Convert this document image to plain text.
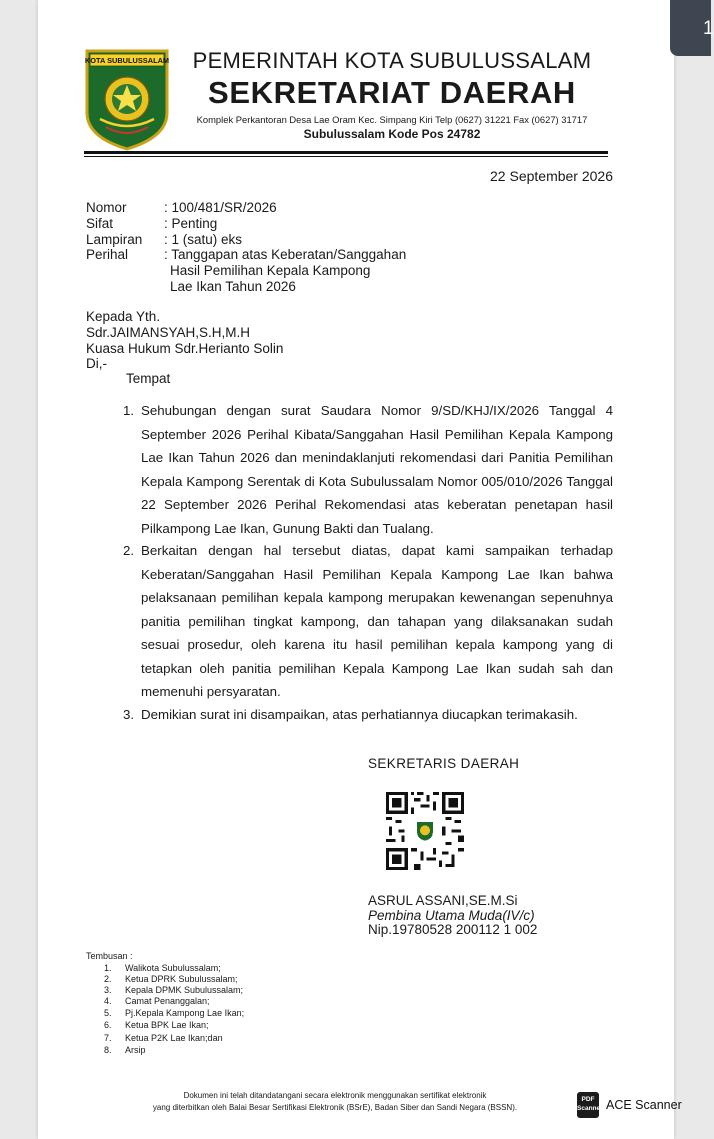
1
KOTA SUBULUSSALAM	PEMERINTAH KOTA SUBULUSSALAM
SEKRETARIAT DAERAH
Komplek Perkantoran Desa Lae Oram Kec. Simpang Kiri Telp (0627) 31221 Fax (0627) 31717
Subulussalam Kode Pos 24782
22 September 2026
Nomor	: 100/481/SR/2026
Sifat	: Penting
Lampiran : 1 (satu) eks
Perihal	: Tanggapan atas Keberatan/Sanggahan
Hasil Pemilihan Kepala Kampong
Lae Ikan Tahun 2026
Kepada Yth.
Sdr.JAIMANSYAH,S.H,M.H
Kuasa Hukum Sdr.Herianto Solin
Di,-
Tempat
1. Sehubungan dengan surat Saudara Nomor 9/SD/KHJ/IX/2026 Tanggal 4 September 2026 Perihal Kibata/Sanggahan Hasil Pemilihan Kepala Kampong Lae Ikan Tahun 2026 dan menindaklanjuti rekomendasi dari Panitia Pemilihan Kepala Kampong Serentak di Kota Subulussalam Nomor 005/010/2026 Tanggal 22 September 2026 Perihal Rekomendasi atas keberatan penetapan hasil Pilkampong Lae Ikan, Gunung Bakti dan Tualang.
2. Berkaitan dengan hal tersebut diatas, dapat kami sampaikan terhadap Keberatan/Sanggahan Hasil Pemilihan Kepala Kampong Lae Ikan bahwa pelaksanaan pemilihan kepala kampong merupakan kewenangan sepenuhnya panitia pemilihan tingkat kampong, dan tahapan yang dilaksanakan sudah sesuai prosedur, oleh karena itu hasil pemilihan kepala kampong yang di tetapkan oleh panitia pemilihan Kepala Kampong Lae Ikan sudah sah dan memenuhi persyaratan.
3. Demikian surat ini disampaikan, atas perhatiannya diucapkan terimakasih.
SEKRETARIS DAERAH
ASRUL ASSANI,SE.M.Si
Pembina Utama Muda(IV/c)
Nip.19780528 200112 1 002
Tembusan :
1. Walikota Subulussalam;
2. Ketua DPRK Subulussalam;
3. Kepala DPMK Subulussalam;
4. Camat Penanggalan;
5. Pj.Kepala Kampong Lae Ikan;
6. Ketua BPK Lae Ikan;
7. Ketua P2K Lae Ikan;dan
8. Arsip
Dokumen ini telah ditandatangani secara elektronik menggunakan sertifikat elektronik
yang diterbitkan oleh Balai Besar Sertifikasi Elektronik (BSrE), Badan Siber dan Sandi Negara (BSSN).
PDF Scanner ACE Scanner
